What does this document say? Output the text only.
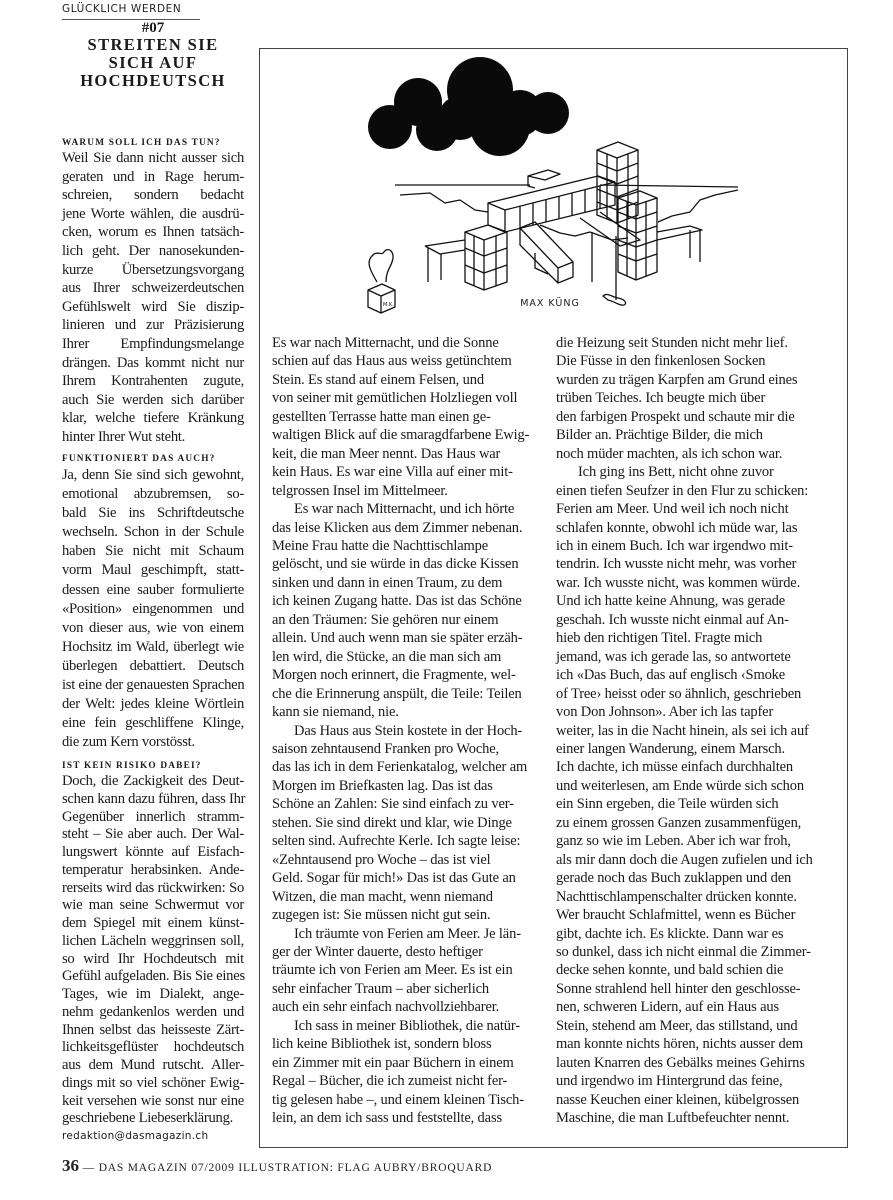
GLÜCKLICH WERDEN
#07
STREITEN SIE
SICH AUF
HOCHDEUTSCH
WARUM SOLL ICH DAS TUN?
Weil Sie dann nicht ausser sich
geraten und in Rage herum-
schreien, sondern bedacht
jene Worte wählen, die ausdrü-
cken, worum es Ihnen tatsäch-
lich geht. Der nanosekunden-
kurze Übersetzungsvorgang
aus Ihrer schweizerdeutschen
Gefühlswelt wird Sie diszip-
linieren und zur Präzisierung
Ihrer Empfindungsmelange
drängen. Das kommt nicht nur
Ihrem Kontrahenten zugute,
auch Sie werden sich darüber
klar, welche tiefere Kränkung
hinter Ihrer Wut steht.
FUNKTIONIERT DAS AUCH?
Ja, denn Sie sind sich gewohnt,
emotional abzubremsen, so-
bald Sie ins Schriftdeutsche
wechseln. Schon in der Schule
haben Sie nicht mit Schaum
vorm Maul geschimpft, statt-
dessen eine sauber formulierte
«Position» eingenommen und
von dieser aus, wie von einem
Hochsitz im Wald, überlegt wie
überlegen debattiert. Deutsch
ist eine der genauesten Sprachen
der Welt: jedes kleine Wörtlein
eine fein geschliffene Klinge,
die zum Kern vorstösst.
IST KEIN RISIKO DABEI?
Doch, die Zackigkeit des Deut-
schen kann dazu führen, dass Ihr
Gegenüber innerlich stramm-
steht – Sie aber auch. Der Wal-
lungswert könnte auf Eisfach-
temperatur herabsinken. Ande-
rerseits wird das rückwirken: So
wie man seine Schwermut vor
dem Spiegel mit einem künst-
lichen Lächeln weggrinsen soll,
so wird Ihr Hochdeutsch mit
Gefühl aufgeladen. Bis Sie eines
Tages, wie im Dialekt, ange-
nehm gedankenlos werden und
Ihnen selbst das heisseste Zärt-
lichkeitsgeflüster hochdeutsch
aus dem Mund rutscht. Aller-
dings mit so viel schöner Ewig-
keit versehen wie sonst nur eine
geschriebene Liebeserklärung.
redaktion@dasmagazin.ch
M.K.	MAX KÜNG
Es war nach Mitternacht, und die Sonne
schien auf das Haus aus weiss getünchtem
Stein. Es stand auf einem Felsen, und
von seiner mit gemütlichen Holzliegen voll
gestellten Terrasse hatte man einen ge-
waltigen Blick auf die smaragdfarbene Ewig-
keit, die man Meer nennt. Das Haus war
kein Haus. Es war eine Villa auf einer mit-
telgrossen Insel im Mittelmeer.
Es war nach Mitternacht, und ich hörte
das leise Klicken aus dem Zimmer nebenan.
Meine Frau hatte die Nachttischlampe
gelöscht, und sie würde in das dicke Kissen
sinken und dann in einen Traum, zu dem
ich keinen Zugang hatte. Das ist das Schöne
an den Träumen: Sie gehören nur einem
allein. Und auch wenn man sie später erzäh-
len wird, die Stücke, an die man sich am
Morgen noch erinnert, die Fragmente, wel-
che die Erinnerung anspült, die Teile: Teilen
kann sie niemand, nie.
Das Haus aus Stein kostete in der Hoch-
saison zehntausend Franken pro Woche,
das las ich in dem Ferienkatalog, welcher am
Morgen im Briefkasten lag. Das ist das
Schöne an Zahlen: Sie sind einfach zu ver-
stehen. Sie sind direkt und klar, wie Dinge
selten sind. Aufrechte Kerle. Ich sagte leise:
«Zehntausend pro Woche – das ist viel
Geld. Sogar für mich!» Das ist das Gute an
Witzen, die man macht, wenn niemand
zugegen ist: Sie müssen nicht gut sein.
Ich träumte von Ferien am Meer. Je län-
ger der Winter dauerte, desto heftiger
träumte ich von Ferien am Meer. Es ist ein
sehr einfacher Traum – aber sicherlich
auch ein sehr einfach nachvollziehbarer.
Ich sass in meiner Bibliothek, die natür-
lich keine Bibliothek ist, sondern bloss
ein Zimmer mit ein paar Büchern in einem
Regal – Bücher, die ich zumeist nicht fer-
tig gelesen habe –, und einem kleinen Tisch-
lein, an dem ich sass und feststellte, dass
die Heizung seit Stunden nicht mehr lief.
Die Füsse in den finkenlosen Socken
wurden zu trägen Karpfen am Grund eines
trüben Teiches. Ich beugte mich über
den farbigen Prospekt und schaute mir die
Bilder an. Prächtige Bilder, die mich
noch müder machten, als ich schon war.
Ich ging ins Bett, nicht ohne zuvor
einen tiefen Seufzer in den Flur zu schicken:
Ferien am Meer. Und weil ich noch nicht
schlafen konnte, obwohl ich müde war, las
ich in einem Buch. Ich war irgendwo mit-
tendrin. Ich wusste nicht mehr, was vorher
war. Ich wusste nicht, was kommen würde.
Und ich hatte keine Ahnung, was gerade
geschah. Ich wusste nicht einmal auf An-
hieb den richtigen Titel. Fragte mich
jemand, was ich gerade las, so antwortete
ich «Das Buch, das auf englisch ‹Smoke
of Tree› heisst oder so ähnlich, geschrieben
von Don Johnson». Aber ich las tapfer
weiter, las in die Nacht hinein, als sei ich auf
einer langen Wanderung, einem Marsch.
Ich dachte, ich müsse einfach durchhalten
und weiterlesen, am Ende würde sich schon
ein Sinn ergeben, die Teile würden sich
zu einem grossen Ganzen zusammenfügen,
ganz so wie im Leben. Aber ich war froh,
als mir dann doch die Augen zufielen und ich
gerade noch das Buch zuklappen und den
Nachttischlampenschalter drücken konnte.
Wer braucht Schlafmittel, wenn es Bücher
gibt, dachte ich. Es klickte. Dann war es
so dunkel, dass ich nicht einmal die Zimmer-
decke sehen konnte, und bald schien die
Sonne strahlend hell hinter den geschlosse-
nen, schweren Lidern, auf ein Haus aus
Stein, stehend am Meer, das stillstand, und
man konnte nichts hören, nichts ausser dem
lauten Knarren des Gebälks meines Gehirns
und irgendwo im Hintergrund das feine,
nasse Keuchen einer kleinen, kübelgrossen
Maschine, die man Luftbefeuchter nennt.
36 — DAS MAGAZIN 07/2009 ILLUSTRATION: FLAG AUBRY/BROQUARD
